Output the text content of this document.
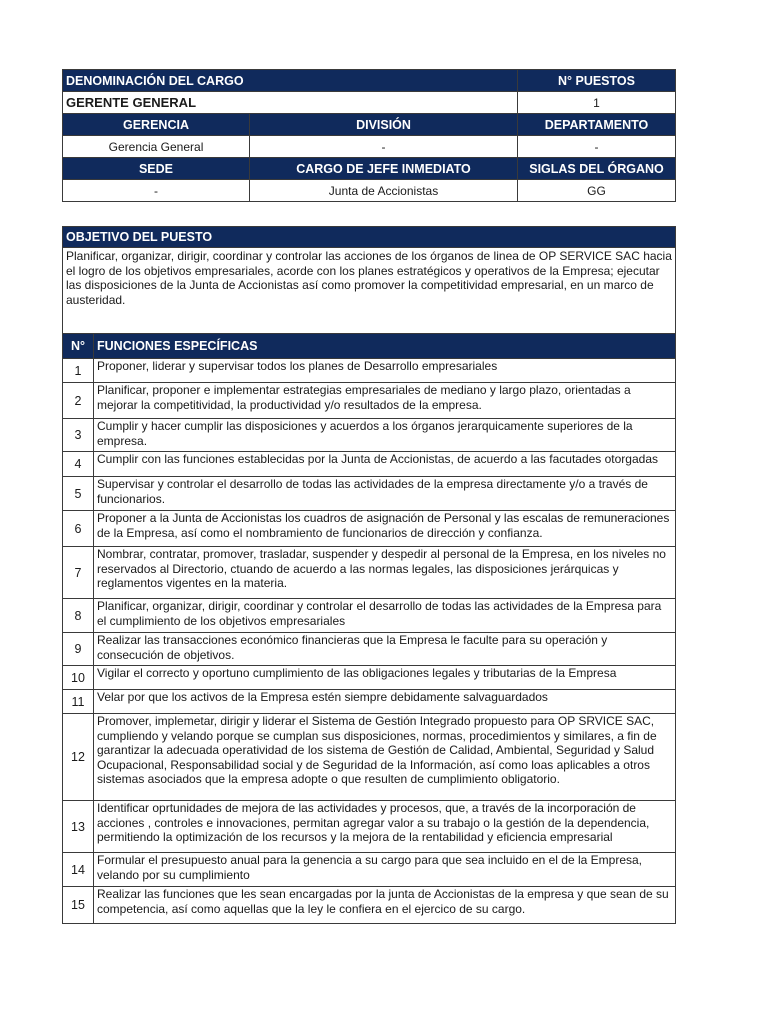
DENOMINACIÓN DEL CARGO		N° PUESTOS
GERENTE GENERAL		1
GERENCIA	DIVISIÓN	DEPARTAMENTO
Gerencia General	-	-
SEDE	CARGO DE JEFE INMEDIATO	SIGLAS DEL ÓRGANO
-	Junta de Accionistas	GG
OBJETIVO DEL PUESTO	
Planificar, organizar, dirigir, coordinar y controlar las acciones de los órganos de linea de OP SERVICE SAC hacia el logro de los objetivos empresariales, acorde con los planes estratégicos y operativos de la Empresa; ejecutar las disposiciones de la Junta de Accionistas así como promover la competitividad empresarial, en un marco de austeridad.	
N°	FUNCIONES ESPECÍFICAS
1	Proponer, liderar y supervisar todos los planes de Desarrollo empresariales

2	Planificar, proponer e implementar estrategias empresariales de mediano y largo plazo, orientadas a mejorar la competitividad, la productividad y/o resultados de la empresa.

3	Cumplir y hacer cumplir las disposiciones y acuerdos a los órganos jerarquicamente superiores de la empresa.

4	Cumplir con las funciones establecidas por la Junta de Accionistas, de acuerdo a las facutades otorgadas

5	Supervisar y controlar el desarrollo de todas las actividades de la empresa directamente y/o a través de funcionarios.

6	Proponer a la Junta de Accionistas los cuadros de asignación de Personal y las escalas de remuneraciones de la Empresa, así como el nombramiento de funcionarios de dirección y confianza.

7	Nombrar, contratar, promover, trasladar, suspender y despedir al personal de la Empresa, en los niveles no reservados al Directorio, ctuando de acuerdo a las normas legales, las disposiciones jerárquicas y reglamentos vigentes en la materia.

8	Planificar, organizar, dirigir, coordinar y controlar el desarrollo de todas las actividades de la Empresa para el cumplimiento de los objetivos empresariales

9	Realizar las transacciones económico financieras que la Empresa le faculte para su operación y consecución de objetivos.

10	Vigilar el correcto y oportuno cumplimiento de las obligaciones legales y tributarias de la Empresa

11	Velar por que los activos de la Empresa estén siempre debidamente salvaguardados

12	Promover, implemetar, dirigir y liderar el Sistema de Gestión Integrado propuesto para OP SRVICE SAC, cumpliendo y velando porque se cumplan sus disposiciones, normas, procedimientos y similares, a fin de garantizar la adecuada operatividad de los sistema de Gestión de Calidad, Ambiental, Seguridad y Salud Ocupacional, Responsabilidad social y de Seguridad de la Información, así como loas aplicables a otros sistemas asociados que la empresa adopte o que resulten de cumplimiento obligatorio.

13	Identificar oprtunidades de mejora de las actividades y procesos, que, a través de la incorporación de acciones , controles e innovaciones, permitan agregar valor a su trabajo o la gestión de la dependencia, permitiendo la optimización de los recursos y la mejora de la rentabilidad y eficiencia empresarial

14	Formular el presupuesto anual para la genencia a su cargo para que sea incluido en el de la Empresa, velando por su cumplimiento

15	Realizar las funciones que les sean encargadas por la junta de Accionistas de la empresa y que sean de su competencia, así como aquellas que la ley le confiera en el ejercico de su cargo.
